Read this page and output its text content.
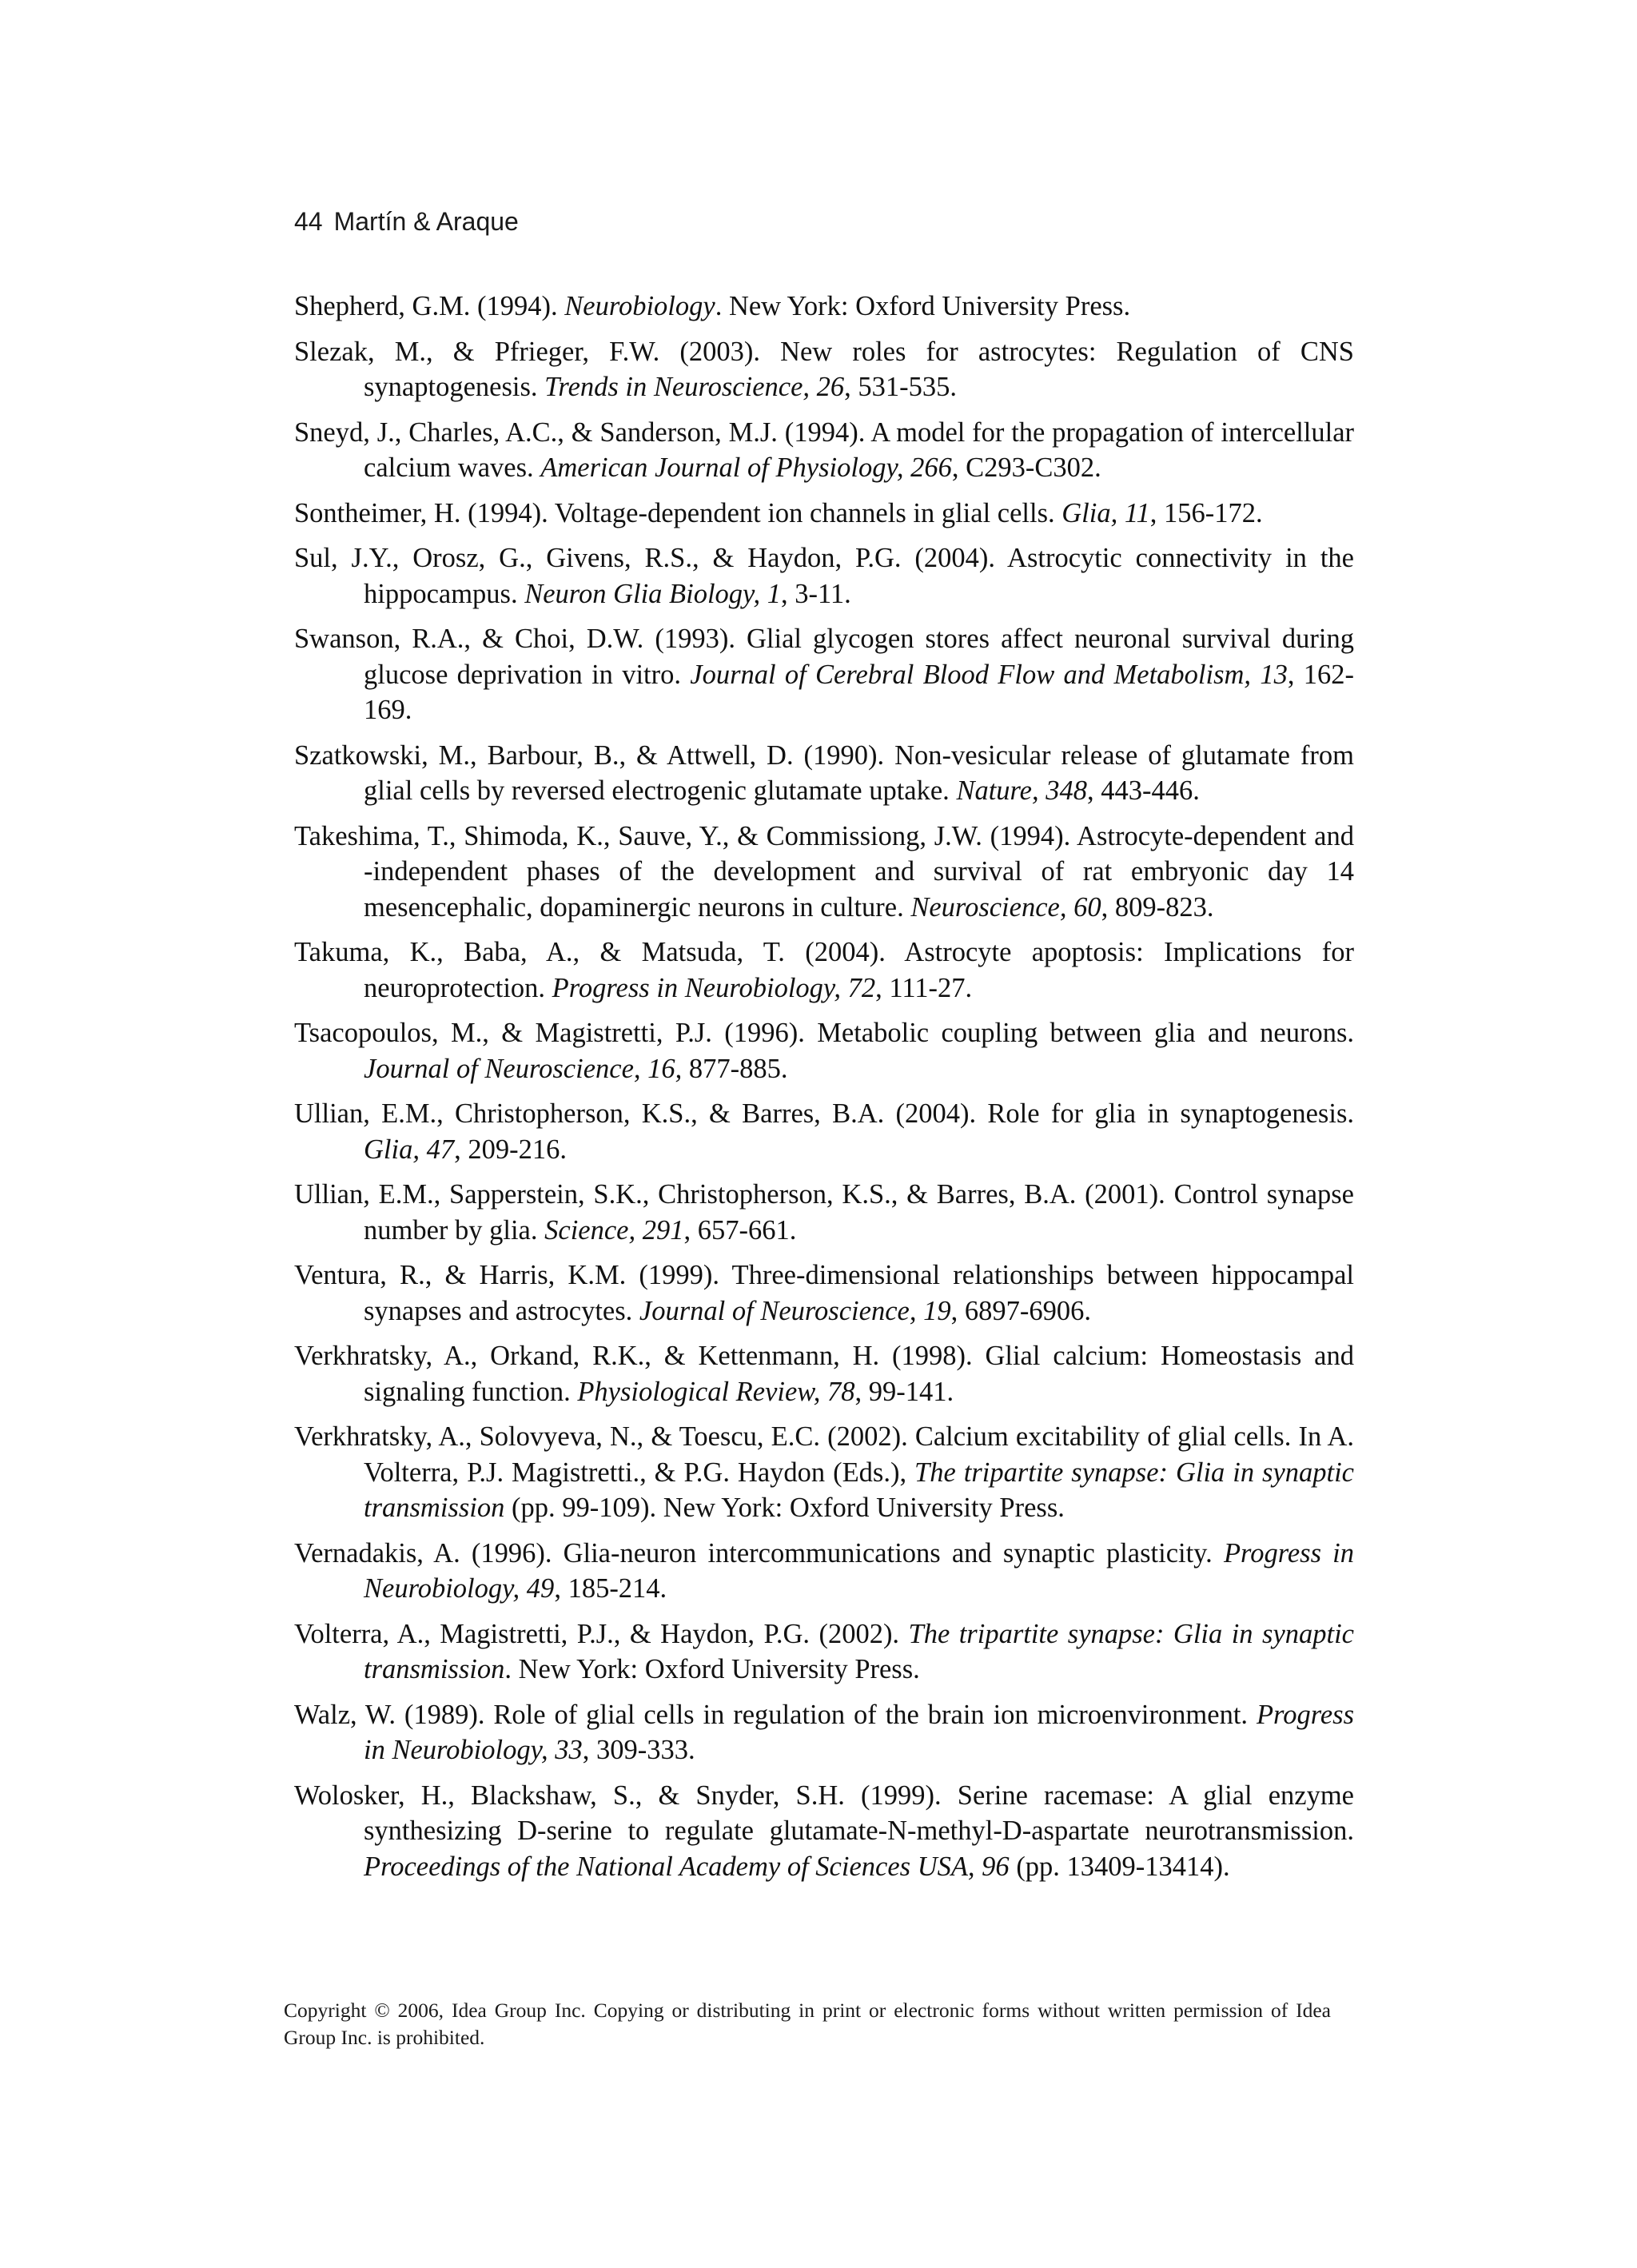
44 Martín & Araque

Shepherd, G.M. (1994). Neurobiology. New York: Oxford University Press.

Slezak, M., & Pfrieger, F.W. (2003). New roles for astrocytes: Regulation of CNS synaptogenesis. Trends in Neuroscience, 26, 531-535.

Sneyd, J., Charles, A.C., & Sanderson, M.J. (1994). A model for the propagation of intercellular calcium waves. American Journal of Physiology, 266, C293-C302.

Sontheimer, H. (1994). Voltage-dependent ion channels in glial cells. Glia, 11, 156-172.

Sul, J.Y., Orosz, G., Givens, R.S., & Haydon, P.G. (2004). Astrocytic connectivity in the hippocampus. Neuron Glia Biology, 1, 3-11.

Swanson, R.A., & Choi, D.W. (1993). Glial glycogen stores affect neuronal survival during glucose deprivation in vitro. Journal of Cerebral Blood Flow and Metabolism, 13, 162-169.

Szatkowski, M., Barbour, B., & Attwell, D. (1990). Non-vesicular release of glutamate from glial cells by reversed electrogenic glutamate uptake. Nature, 348, 443-446.

Takeshima, T., Shimoda, K., Sauve, Y., & Commissiong, J.W. (1994). Astrocyte-dependent and -independent phases of the development and survival of rat embryonic day 14 mesencephalic, dopaminergic neurons in culture. Neuroscience, 60, 809-823.

Takuma, K., Baba, A., & Matsuda, T. (2004). Astrocyte apoptosis: Implications for neuroprotection. Progress in Neurobiology, 72, 111-27.

Tsacopoulos, M., & Magistretti, P.J. (1996). Metabolic coupling between glia and neurons. Journal of Neuroscience, 16, 877-885.

Ullian, E.M., Christopherson, K.S., & Barres, B.A. (2004). Role for glia in synaptogenesis. Glia, 47, 209-216.

Ullian, E.M., Sapperstein, S.K., Christopherson, K.S., & Barres, B.A. (2001). Control synapse number by glia. Science, 291, 657-661.

Ventura, R., & Harris, K.M. (1999). Three-dimensional relationships between hippocampal synapses and astrocytes. Journal of Neuroscience, 19, 6897-6906.

Verkhratsky, A., Orkand, R.K., & Kettenmann, H. (1998). Glial calcium: Homeostasis and signaling function. Physiological Review, 78, 99-141.

Verkhratsky, A., Solovyeva, N., & Toescu, E.C. (2002). Calcium excitability of glial cells. In A. Volterra, P.J. Magistretti., & P.G. Haydon (Eds.), The tripartite synapse: Glia in synaptic transmission (pp. 99-109). New York: Oxford University Press.

Vernadakis, A. (1996). Glia-neuron intercommunications and synaptic plasticity. Progress in Neurobiology, 49, 185-214.

Volterra, A., Magistretti, P.J., & Haydon, P.G. (2002). The tripartite synapse: Glia in synaptic transmission. New York: Oxford University Press.

Walz, W. (1989). Role of glial cells in regulation of the brain ion microenvironment. Progress in Neurobiology, 33, 309-333.

Wolosker, H., Blackshaw, S., & Snyder, S.H. (1999). Serine racemase: A glial enzyme synthesizing D-serine to regulate glutamate-N-methyl-D-aspartate neurotransmission. Proceedings of the National Academy of Sciences USA, 96 (pp. 13409-13414).

Copyright © 2006, Idea Group Inc. Copying or distributing in print or electronic forms without written permission of Idea Group Inc. is prohibited.
